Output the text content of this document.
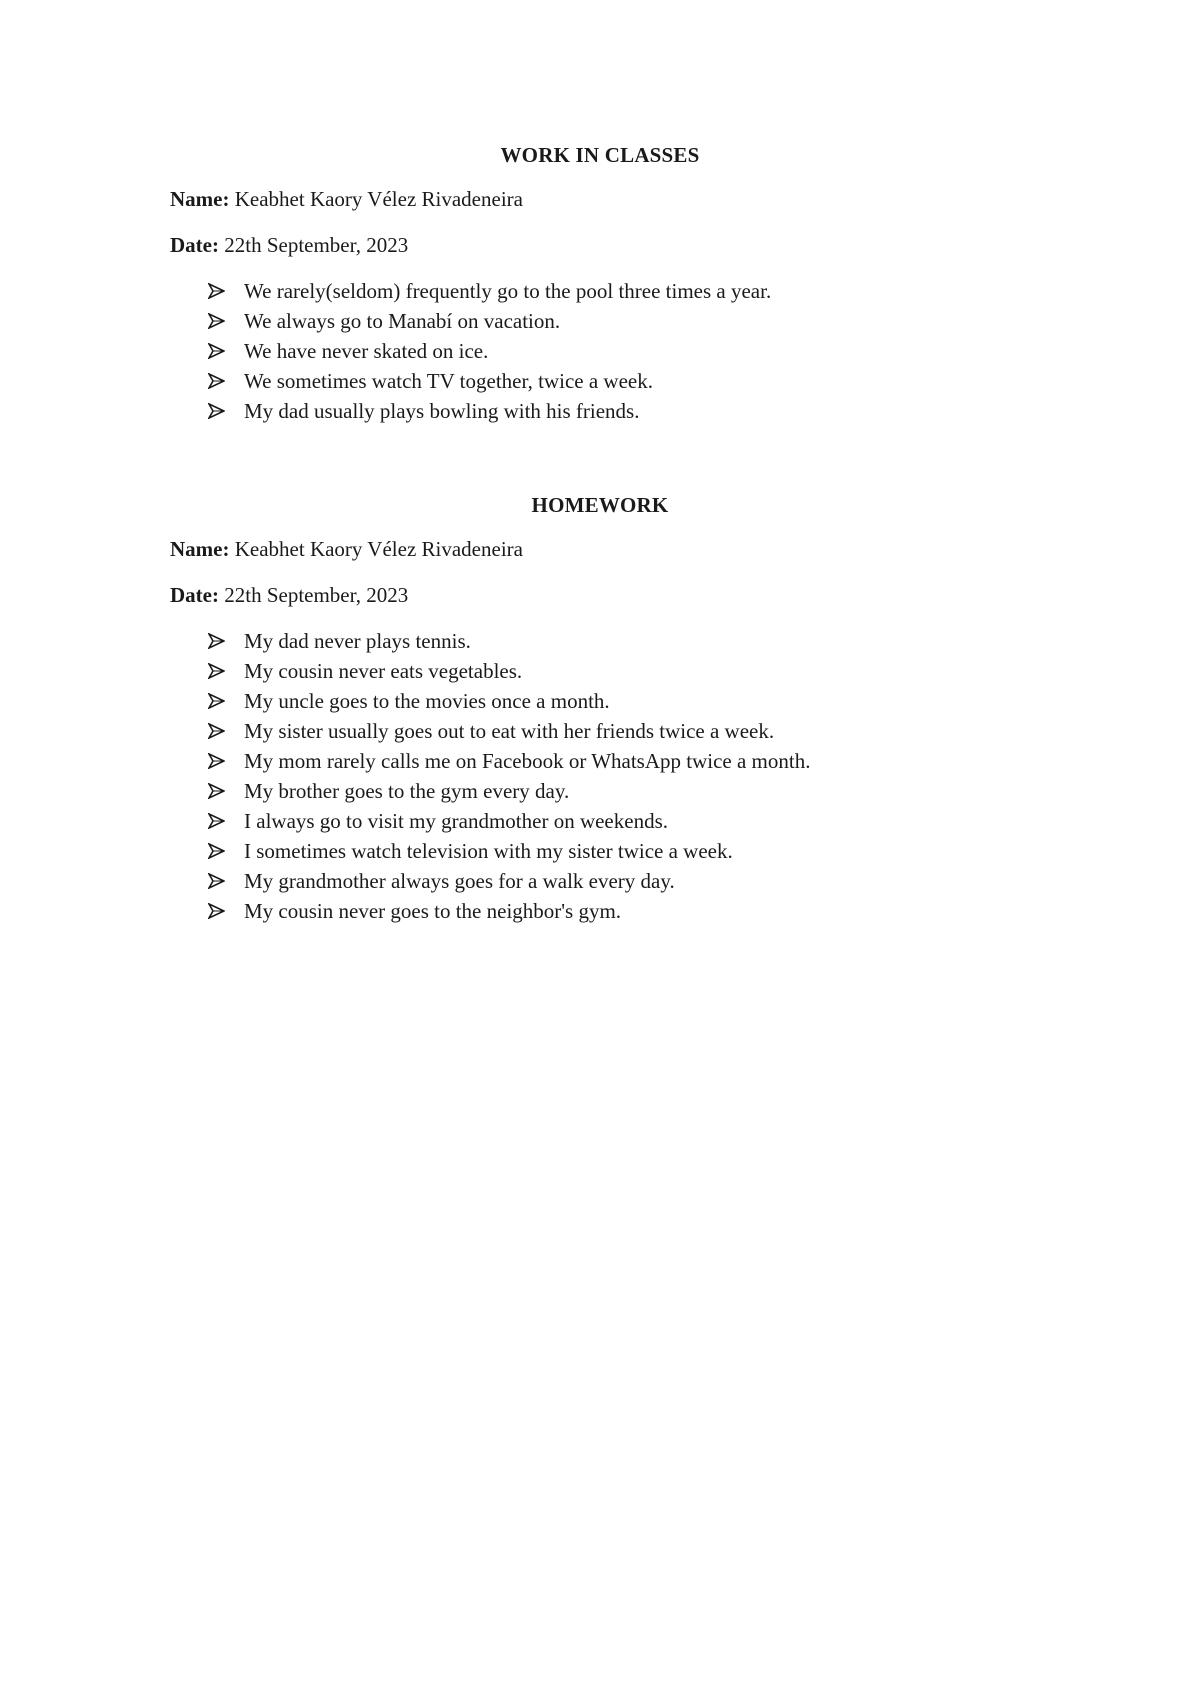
WORK IN CLASSES
Name: Keabhet Kaory Vélez Rivadeneira
Date: 22th September, 2023
We rarely(seldom) frequently go to the pool three times a year.
We always go to Manabí on vacation.
We have never skated on ice.
We sometimes watch TV together, twice a week.
My dad usually plays bowling with his friends.
HOMEWORK
Name: Keabhet Kaory Vélez Rivadeneira
Date: 22th September, 2023
My dad never plays tennis.
My cousin never eats vegetables.
My uncle goes to the movies once a month.
My sister usually goes out to eat with her friends twice a week.
My mom rarely calls me on Facebook or WhatsApp twice a month.
My brother goes to the gym every day.
I always go to visit my grandmother on weekends.
I sometimes watch television with my sister twice a week.
My grandmother always goes for a walk every day.
My cousin never goes to the neighbor's gym.
